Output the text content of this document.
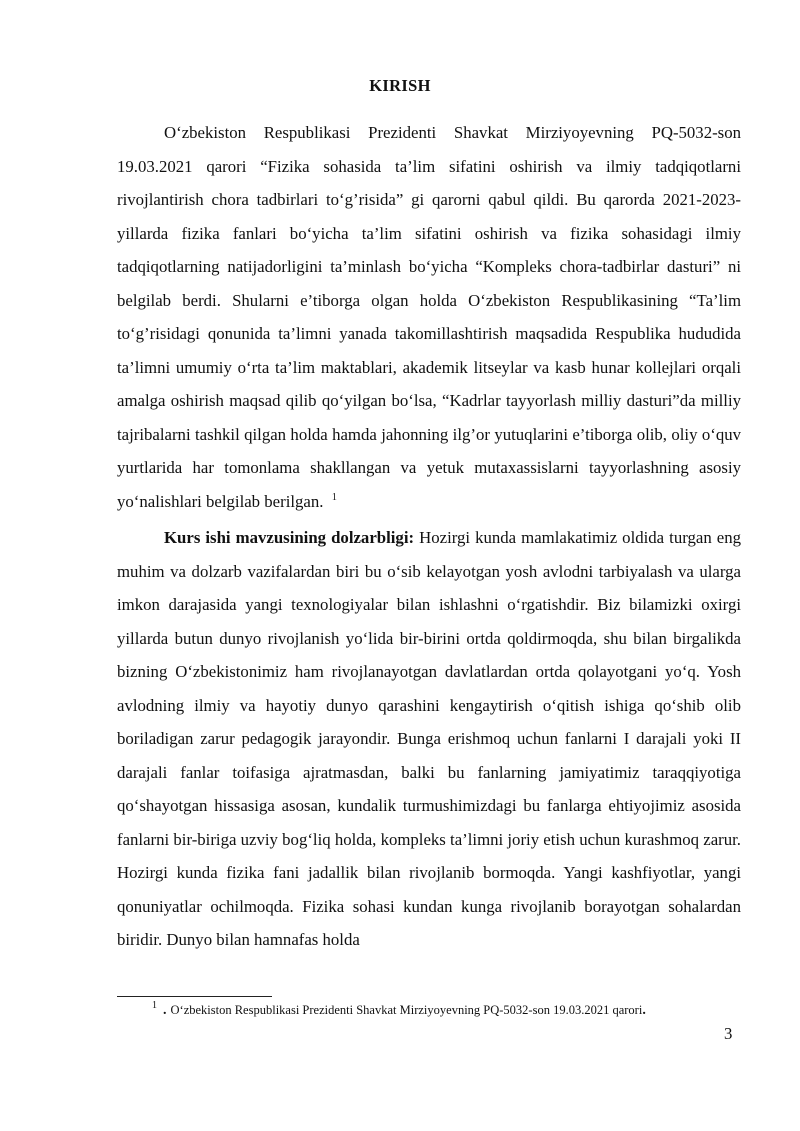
KIRISH

O‘zbekiston Respublikasi Prezidenti Shavkat Mirziyoyevning PQ-5032-son 19.03.2021 qarori “Fizika sohasida ta’lim sifatini oshirish va ilmiy tadqiqotlarni rivojlantirish chora tadbirlari to‘g’risida” gi qarorni qabul qildi. Bu qarorda 2021-2023-yillarda fizika fanlari bo‘yicha ta’lim sifatini oshirish va fizika sohasidagi ilmiy tadqiqotlarning natijadorligini ta’minlash bo‘yicha “Kompleks chora-tadbirlar dasturi” ni belgilab berdi. Shularni e’tiborga olgan holda O‘zbekiston Respublikasining “Ta’lim to‘g’risidagi qonunida ta’limni yanada takomillashtirish maqsadida Respublika hududida ta’limni umumiy o‘rta ta’lim maktablari, akademik litseylar va kasb hunar kollejlari orqali amalga oshirish maqsad qilib qo‘yilgan bo‘lsa, “Kadrlar tayyorlash milliy dasturi”da milliy tajribalarni tashkil qilgan holda hamda jahonning ilg’or yutuqlarini e’tiborga olib, oliy o‘quv yurtlarida har tomonlama shakllangan va yetuk mutaxassislarni tayyorlashning asosiy yo‘nalishlari belgilab berilgan. $^1$

Kurs ishi mavzusining dolzarbligi: Hozirgi kunda mamlakatimiz oldida turgan eng muhim va dolzarb vazifalardan biri bu o‘sib kelayotgan yosh avlodni tarbiyalash va ularga imkon darajasida yangi texnologiyalar bilan ishlashni o‘rgatishdir. Biz bilamizki oxirgi yillarda butun dunyo rivojlanish yo‘lida bir-birini ortda qoldirmoqda, shu bilan birgalikda bizning O‘zbekistonimiz ham rivojlanayotgan davlatlardan ortda qolayotgani yo‘q. Yosh avlodning ilmiy va hayotiy dunyo qarashini kengaytirish o‘qitish ishiga qo‘shib olib boriladigan zarur pedagogik jarayondir. Bunga erishmoq uchun fanlarni I darajali yoki II darajali fanlar toifasiga ajratmasdan, balki bu fanlarning jamiyatimiz taraqqiyotiga qo‘shayotgan hissasiga asosan, kundalik turmushimizdagi bu fanlarga ehtiyojimiz asosida fanlarni bir-biriga uzviy bog‘liq holda, kompleks ta’limni joriy etish uchun kurashmoq zarur. Hozirgi kunda fizika fani jadallik bilan rivojlanib bormoqda. Yangi kashfiyotlar, yangi qonuniyatlar ochilmoqda. Fizika sohasi kundan kunga rivojlanib borayotgan sohalardan biridir. Dunyo bilan hamnafas holda

$^1$ . O‘zbekiston Respublikasi Prezidenti Shavkat Mirziyoyevning PQ-5032-son 19.03.2021 qarori.
3
